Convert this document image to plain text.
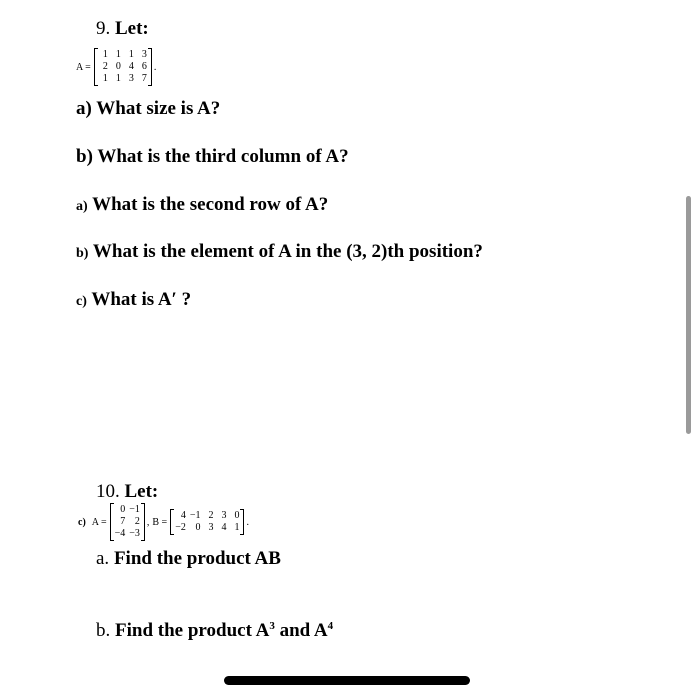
9. Let:
A =
1 1 1 3
2 0 4 6
1 1 3 7
.
a) What size is A?
b) What is the third column of A?
a) What is the second row of A?
b) What is the element of A in the (3, 2)th position?
c) What is A′ ?
10. Let:
c) A =
0 −1
7 2
−4 −3
, B =
4 −1 2 3 0
−2 0 3 4 1 .
a. Find the product AB
b. Find the product $A^3$ and $A^4$
